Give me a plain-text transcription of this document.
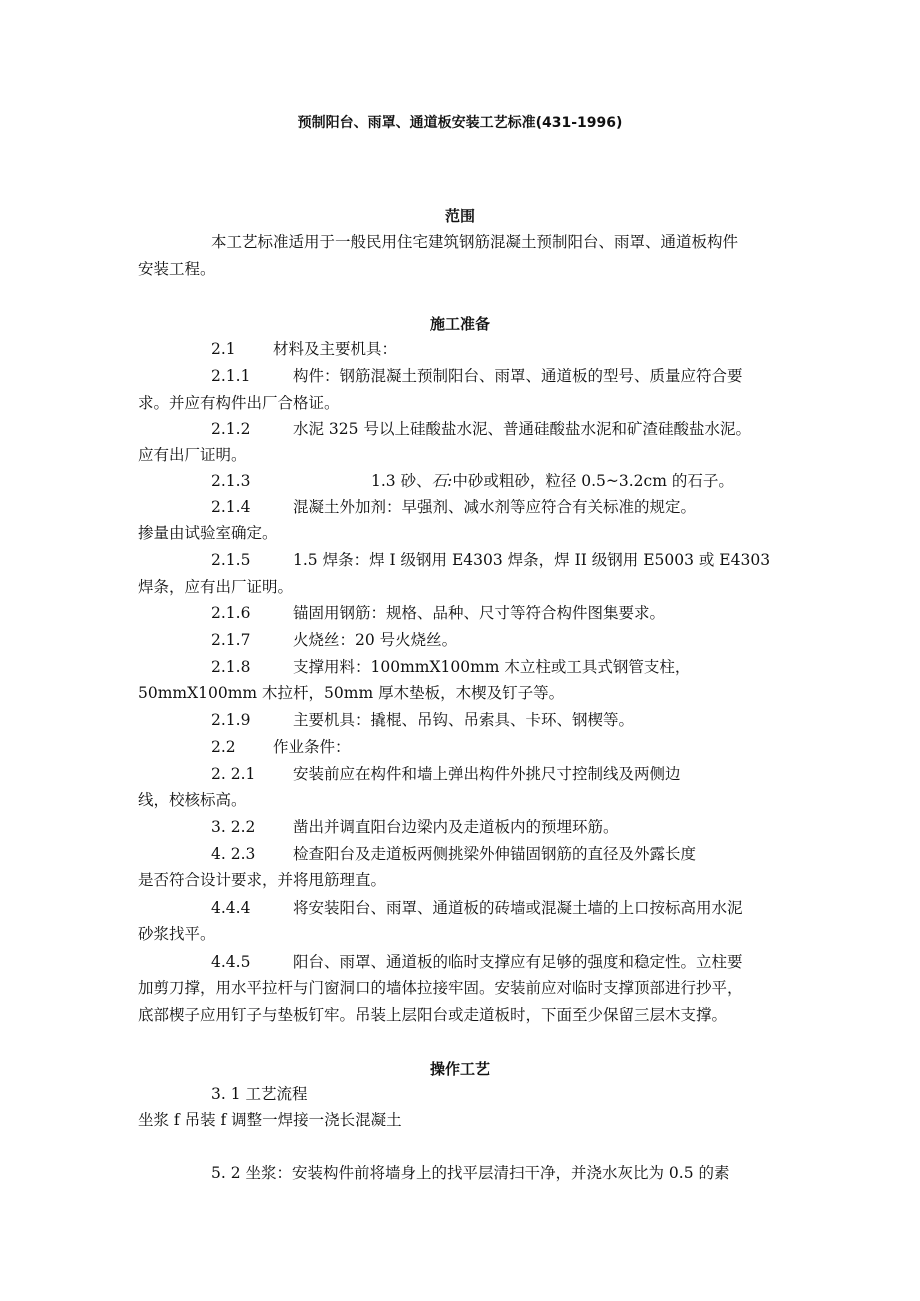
预制阳台、雨罩、通道板安装工艺标准(431-1996)
范围
本工艺标准适用于一般民用住宅建筑钢筋混凝土预制阳台、雨罩、通道板构件
安装工程。
施工准备
2.1 材料及主要机具：
2.1.1	构件：钢筋混凝土预制阳台、雨罩、通道板的型号、质量应符合要
求。并应有构件出厂合格证。
2.1.2	水泥 325 号以上硅酸盐水泥、普通硅酸盐水泥和矿渣硅酸盐水泥。
应有出厂证明。
2.1.3	1.3 砂、石:中砂或粗砂，粒径 0.5~3.2cm 的石子。
2.1.4	混凝土外加剂：早强剂、减水剂等应符合有关标准的规定。
掺量由试验室确定。
2.1.5	1.5 焊条：焊 I 级钢用 E4303 焊条，焊 II 级钢用 E5003 或 E4303
焊条，应有出厂证明。
2.1.6	锚固用钢筋：规格、品种、尺寸等符合构件图集要求。
2.1.7	火烧丝：20 号火烧丝。
2.1.8	支撑用料：100mmX100mm 木立柱或工具式钢管支柱，
50mmX100mm 木拉杆，50mm 厚木垫板，木楔及钉子等。
2.1.9	主要机具：撬棍、吊钩、吊索具、卡环、钢楔等。
2.2 作业条件：
2. 2.1 安装前应在构件和墙上弹出构件外挑尺寸控制线及两侧边
线，校核标高。
3. 2.2 凿出并调直阳台边梁内及走道板内的预埋环筋。
4. 2.3 检查阳台及走道板两侧挑梁外伸锚固钢筋的直径及外露长度
是否符合设计要求，并将甩筋理直。
4.4.4	将安装阳台、雨罩、通道板的砖墙或混凝土墙的上口按标高用水泥
砂浆找平。
4.4.5	阳台、雨罩、通道板的临时支撑应有足够的强度和稳定性。立柱要
加剪刀撑，用水平拉杆与门窗洞口的墙体拉接牢固。安装前应对临时支撑顶部进行抄平，
底部楔子应用钉子与垫板钉牢。吊装上层阳台或走道板时，下面至少保留三层木支撑。
操作工艺
3. 1 工艺流程
坐浆 f 吊装 f 调整一焊接一浇长混凝土
5. 2 坐浆：安装构件前将墙身上的找平层清扫干净，并浇水灰比为 0.5 的素
